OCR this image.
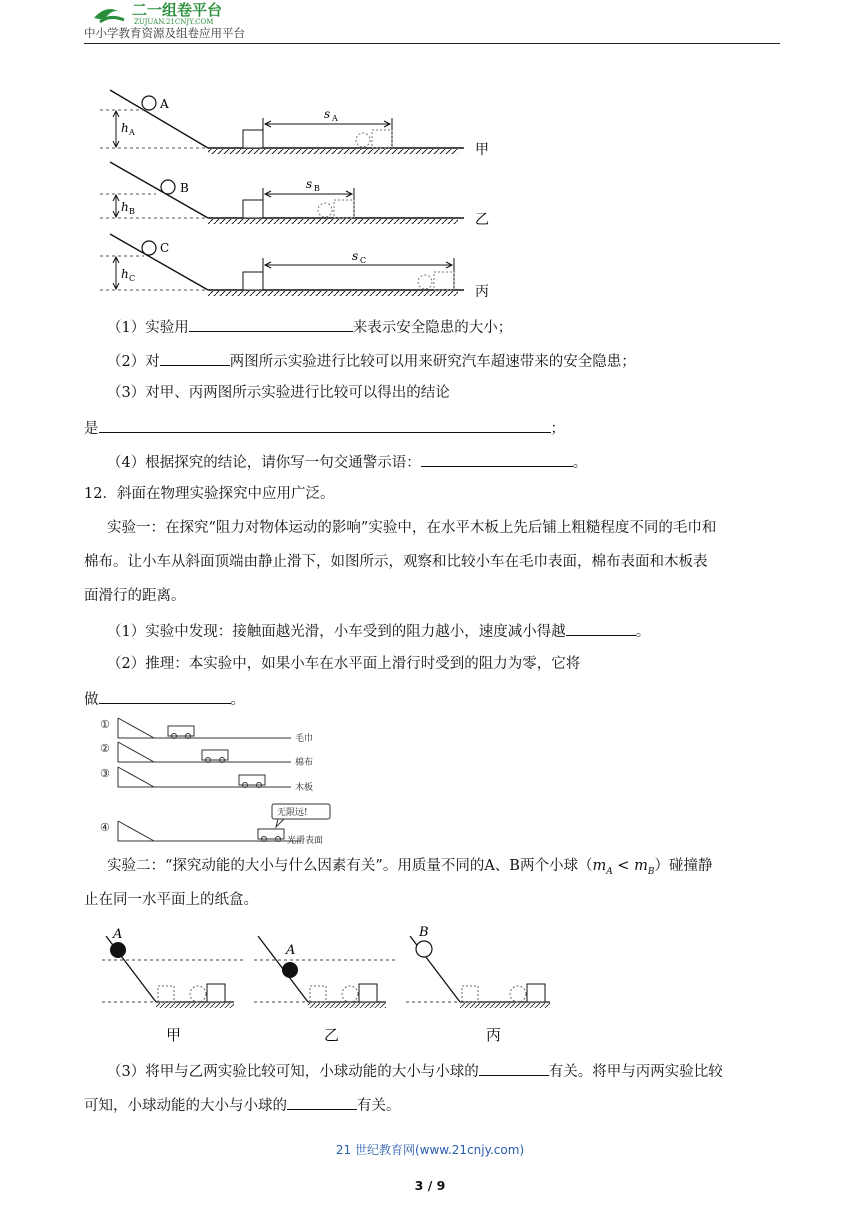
二一组卷平台
ZUJUAN.21CNJY.COM
中小学教育资源及组卷应用平台
h A
A
s A
甲
h B
B	s B
乙
h C
C
s C
丙
（1）实验用	来表示安全隐患的大小；
（2）对	两图所示实验进行比较可以用来研究汽车超速带来的安全隐患；
（3）对甲、丙两图所示实验进行比较可以得出的结论
是	；
（4）根据探究的结论，请你写一句交通警示语：	。
12．斜面在物理实验探究中应用广泛。
实验一：在探究“阻力对物体运动的影响”实验中，在水平木板上先后铺上粗糙程度不同的毛巾和
棉布。让小车从斜面顶端由静止滑下，如图所示，观察和比较小车在毛巾表面，棉布表面和木板表
面滑行的距离。
（1）实验中发现：接触面越光滑，小车受到的阻力越小，速度减小得越	。
（2）推理：本实验中，如果小车在水平面上滑行时受到的阻力为零，它将
做	。
①
②
③
④
毛巾
棉布
木板
光滑表面
无限远!
实验二：“探究动能的大小与什么因素有关”。用质量不同的A、B两个小球$(m_A < m_B)$碰撞静
止在同一水平面上的纸盒。
A
甲
A
乙
B
丙
（3）将甲与乙两实验比较可知，小球动能的大小与小球的	有关。将甲与丙两实验比较
可知，小球动能的大小与小球的	有关。
21 世纪教育网(www.21cnjy.com)
3 / 9
